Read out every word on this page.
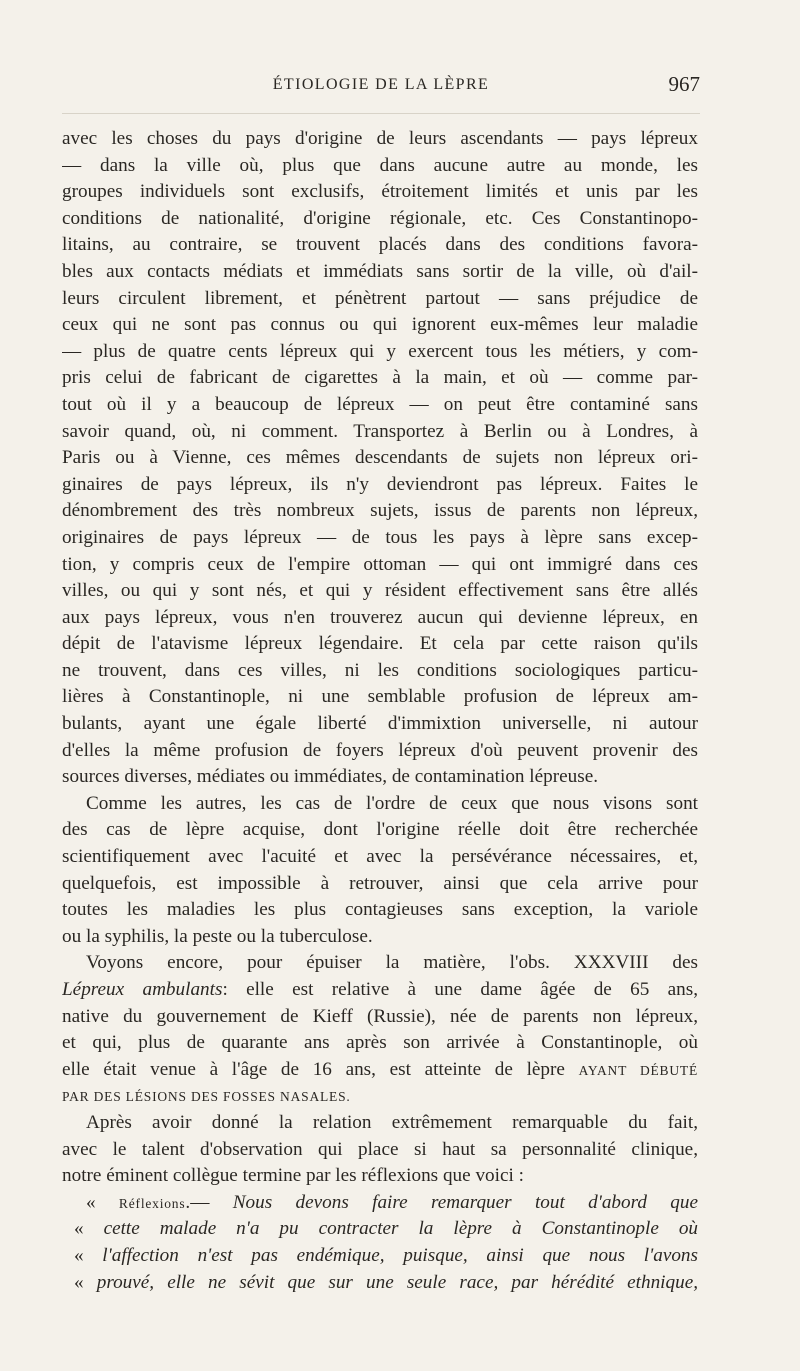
ÉTIOLOGIE DE LA LÈPRE	967
avec les choses du pays d'origine de leurs ascendants — pays lépreux
— dans la ville où, plus que dans aucune autre au monde, les
groupes individuels sont exclusifs, étroitement limités et unis par les
conditions de nationalité, d'origine régionale, etc. Ces Constantinopo-
litains, au contraire, se trouvent placés dans des conditions favora-
bles aux contacts médiats et immédiats sans sortir de la ville, où d'ail-
leurs circulent librement, et pénètrent partout — sans préjudice de
ceux qui ne sont pas connus ou qui ignorent eux-mêmes leur maladie
— plus de quatre cents lépreux qui y exercent tous les métiers, y com-
pris celui de fabricant de cigarettes à la main, et où — comme par-
tout où il y a beaucoup de lépreux — on peut être contaminé sans
savoir quand, où, ni comment. Transportez à Berlin ou à Londres, à
Paris ou à Vienne, ces mêmes descendants de sujets non lépreux ori-
ginaires de pays lépreux, ils n'y deviendront pas lépreux. Faites le
dénombrement des très nombreux sujets, issus de parents non lépreux,
originaires de pays lépreux — de tous les pays à lèpre sans excep-
tion, y compris ceux de l'empire ottoman — qui ont immigré dans ces
villes, ou qui y sont nés, et qui y résident effectivement sans être allés
aux pays lépreux, vous n'en trouverez aucun qui devienne lépreux, en
dépit de l'atavisme lépreux légendaire. Et cela par cette raison qu'ils
ne trouvent, dans ces villes, ni les conditions sociologiques particu-
lières à Constantinople, ni une semblable profusion de lépreux am-
bulants, ayant une égale liberté d'immixtion universelle, ni autour
d'elles la même profusion de foyers lépreux d'où peuvent provenir des
sources diverses, médiates ou immédiates, de contamination lépreuse.
Comme les autres, les cas de l'ordre de ceux que nous visons sont
des cas de lèpre acquise, dont l'origine réelle doit être recherchée
scientifiquement avec l'acuité et avec la persévérance nécessaires, et,
quelquefois, est impossible à retrouver, ainsi que cela arrive pour
toutes les maladies les plus contagieuses sans exception, la variole
ou la syphilis, la peste ou la tuberculose.
Voyons encore, pour épuiser la matière, l'obs. XXXVIII des
Lépreux ambulants: elle est relative à une dame âgée de 65 ans,
native du gouvernement de Kieff (Russie), née de parents non lépreux,
et qui, plus de quarante ans après son arrivée à Constantinople, où
elle était venue à l'âge de 16 ans, est atteinte de lèpre AYANT DÉBUTÉ
PAR DES LÉSIONS DES FOSSES NASALES.
Après avoir donné la relation extrêmement remarquable du fait,
avec le talent d'observation qui place si haut sa personnalité clinique,
notre éminent collègue termine par les réflexions que voici :
« Réflexions.— Nous devons faire remarquer tout d'abord que
« cette malade n'a pu contracter la lèpre à Constantinople où
« l'affection n'est pas endémique, puisque, ainsi que nous l'avons
« prouvé, elle ne sévit que sur une seule race, par hérédité ethnique,
